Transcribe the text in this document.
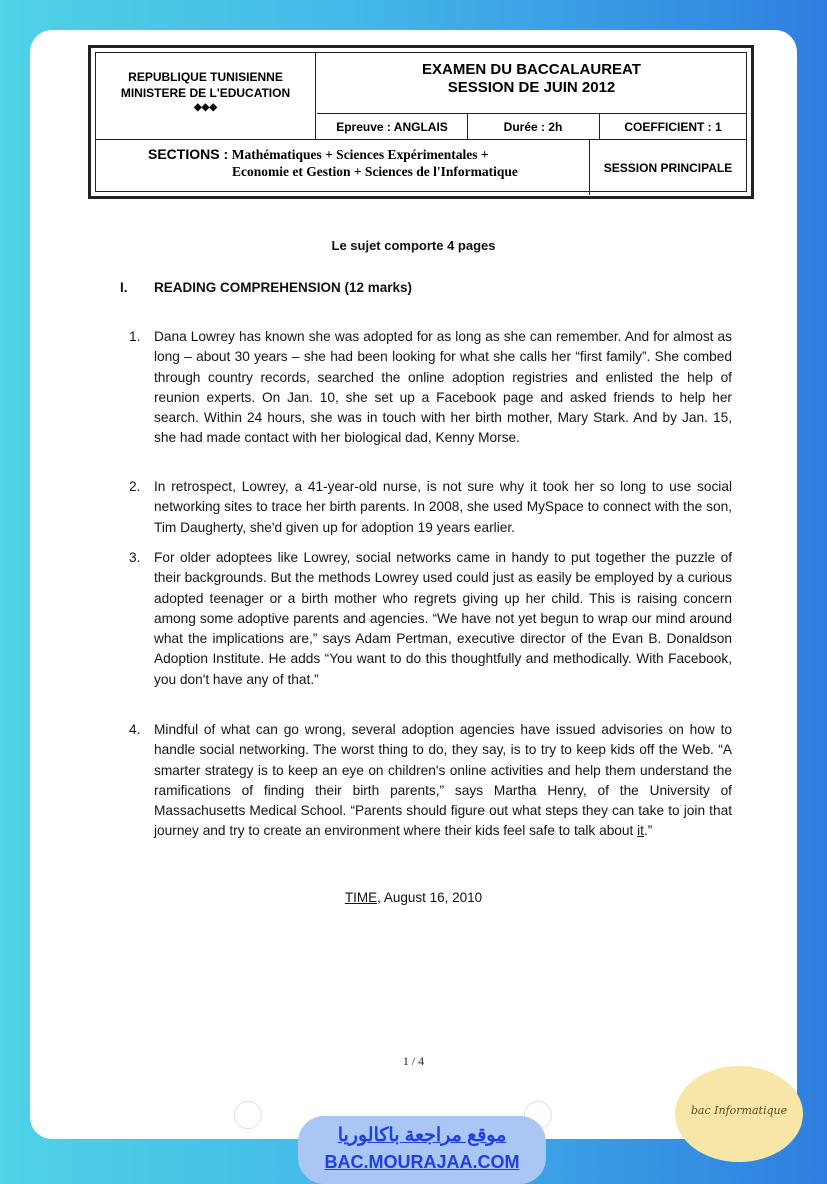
REPUBLIQUE TUNISIENNE
MINISTERE DE L'EDUCATION
◆◆◆
EXAMEN DU BACCALAUREAT
SESSION DE JUIN 2012
Epreuve : ANGLAIS	Durée : 2h	COEFFICIENT : 1
SECTIONS : Mathématiques + Sciences Expérimentales +
Economie et Gestion + Sciences de l'Informatique	SESSION PRINCIPALE
Le sujet comporte 4 pages
I. READING COMPREHENSION (12 marks)
1. Dana Lowrey has known she was adopted for as long as she can remember. And for almost as long – about 30 years – she had been looking for what she calls her “first family”. She combed through country records, searched the online adoption registries and enlisted the help of reunion experts. On Jan. 10, she set up a Facebook page and asked friends to help her search. Within 24 hours, she was in touch with her birth mother, Mary Stark. And by Jan. 15, she had made contact with her biological dad, Kenny Morse.
2. In retrospect, Lowrey, a 41-year-old nurse, is not sure why it took her so long to use social networking sites to trace her birth parents. In 2008, she used MySpace to connect with the son, Tim Daugherty, she'd given up for adoption 19 years earlier.
3. For older adoptees like Lowrey, social networks came in handy to put together the puzzle of their backgrounds. But the methods Lowrey used could just as easily be employed by a curious adopted teenager or a birth mother who regrets giving up her child. This is raising concern among some adoptive parents and agencies. “We have not yet begun to wrap our mind around what the implications are,” says Adam Pertman, executive director of the Evan B. Donaldson Adoption Institute. He adds “You want to do this thoughtfully and methodically. With Facebook, you don't have any of that.”
4. Mindful of what can go wrong, several adoption agencies have issued advisories on how to handle social networking. The worst thing to do, they say, is to try to keep kids off the Web. “A smarter strategy is to keep an eye on children's online activities and help them understand the ramifications of finding their birth parents,” says Martha Henry, of the University of Massachusetts Medical School. “Parents should figure out what steps they can take to join that journey and try to create an environment where their kids feel safe to talk about it.”
TIME, August 16, 2010
1 / 4
موقع مراجعة باكالوريا
BAC.MOURAJAA.COM
bac Informatique
